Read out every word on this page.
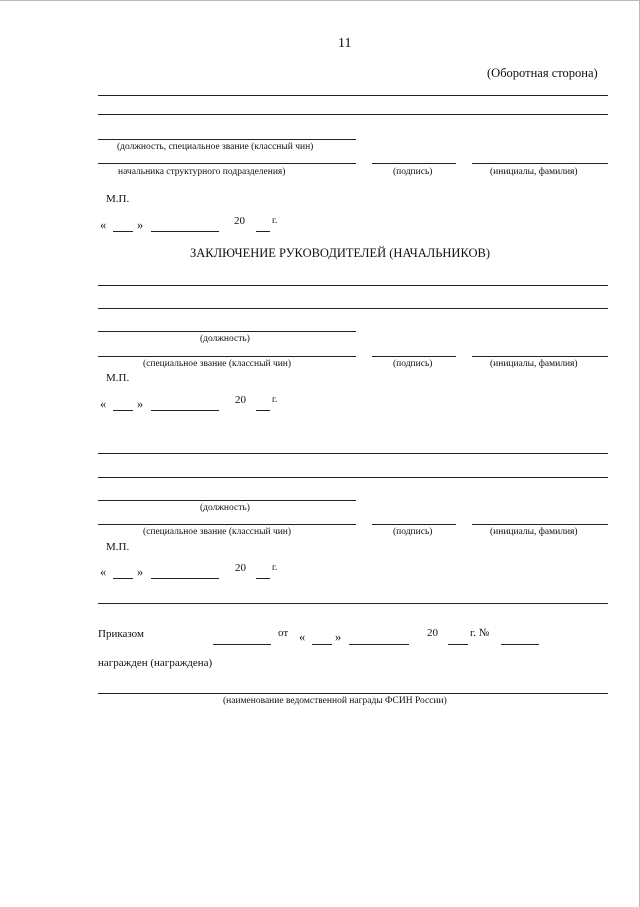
11
(Оборотная сторона)
(должность, специальное звание (классный чин)
начальника структурного подразделения)	(подпись)	(инициалы, фамилия)
М.П.
« »	20	г.
ЗАКЛЮЧЕНИЕ РУКОВОДИТЕЛЕЙ (НАЧАЛЬНИКОВ)
(должность)
(специальное звание (классный чин)	(подпись)	(инициалы, фамилия)
М.П.
« »	20	г.
(должность)
(специальное звание (классный чин)	(подпись)	(инициалы, фамилия)
М.П.
« »	20	г.
Приказом	от « »	20	г. №
награжден (награждена)
(наименование ведомственной награды ФСИН России)
